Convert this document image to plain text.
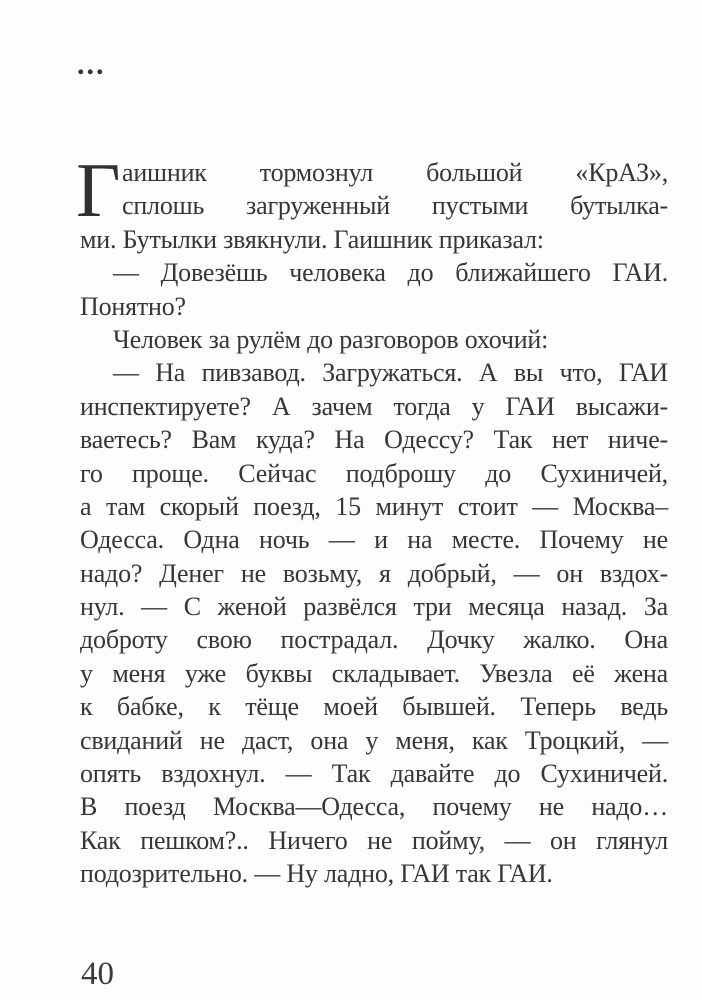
...
Г аишник тормознул большой «КрАЗ»,
сплошь загруженный пустыми бутылка-
ми. Бутылки звякнули. Гаишник приказал:
— Довезёшь человека до ближайшего ГАИ.
Понятно?
Человек за рулём до разговоров охочий:
— На пивзавод. Загружаться. А вы что, ГАИ
инспектируете? А зачем тогда у ГАИ высажи-
ваетесь? Вам куда? На Одессу? Так нет ниче-
го проще. Сейчас подброшу до Сухиничей,
а там скорый поезд, 15 минут стоит — Москва–
Одесса. Одна ночь — и на месте. Почему не
надо? Денег не возьму, я добрый, — он вздох-
нул. — С женой развёлся три месяца назад. За
доброту свою пострадал. Дочку жалко. Она
у меня уже буквы складывает. Увезла её жена
к бабке, к тёще моей бывшей. Теперь ведь
свиданий не даст, она у меня, как Троцкий, —
опять вздохнул. — Так давайте до Сухиничей.
В поезд Москва—Одесса, почему не надо…
Как пешком?.. Ничего не пойму, — он глянул
подозрительно. — Ну ладно, ГАИ так ГАИ.
40
